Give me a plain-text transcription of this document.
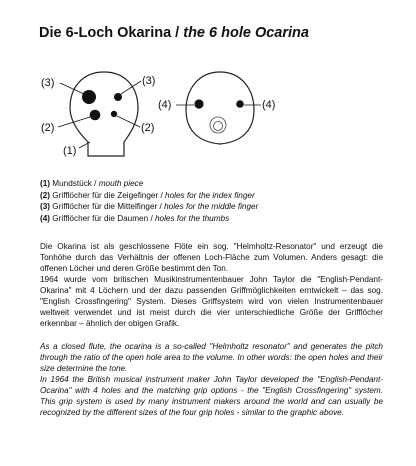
Die 6-Loch Okarina / the 6 hole Ocarina
(3)	(3)
(2)	(2)
(1)
(4)	(4)
(1) Mundstück / mouth piece
(2) Grifflöcher für die Zeigefinger / holes for the index finger
(3) Grifflöcher für die Mittelfinger / holes for the middle finger
(4) Grifflöcher für die Daumen / holes for the thumbs

Die Okarina ist als geschlossene Flöte ein sog. "Helmholtz-Resonator" und erzeugt die Tonhöhe durch das Verhältnis der offenen Loch-Fläche zum Volumen. Anders gesagt: die offenen Löcher und deren Größe bestimmt den Ton.

1964 wurde vom britischen Musikinstrumentenbauer John Taylor die "English-Pendant-Okarina" mit 4 Löchern und der dazu passenden Griffmöglichkeiten erntwickelt – das sog. "English Crossfingering" System. Dieses Griffsystem wird von vielen Instrumentenbauer weltweit verwendet und ist meist durch die vier unterschiedliche Größe der Grifflöcher erkennbar – ähnlich der obigen Grafik.

As a closed flute, the ocarina is a so-called "Helmholtz resonator" and generates the pitch through the ratio of the open hole area to the volume. In other words: the open holes and their size determine the tone.

In 1964 the British musical instrument maker John Taylor developed the "English-Pendant-Ocarina" with 4 holes and the matching grip options - the "English Crossfingering" system. This grip system is used by many instrument makers around the world and can usually be recognized by the different sizes of the four grip holes - similar to the graphic above.
